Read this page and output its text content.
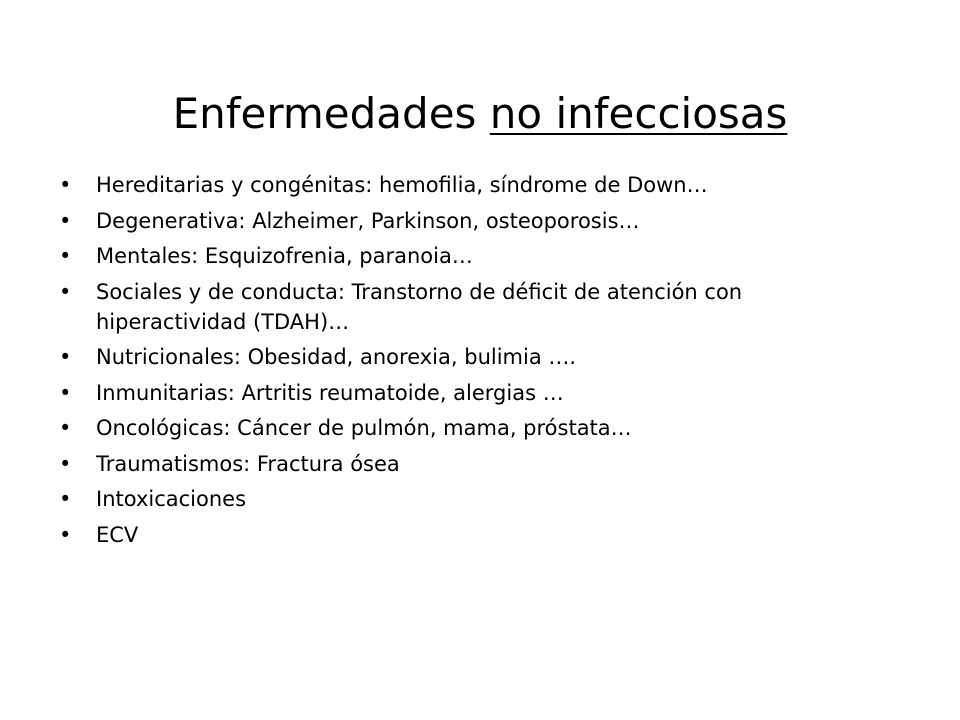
Enfermedades no infecciosas
• Hereditarias y congénitas: hemofilia, síndrome de Down…
• Degenerativa: Alzheimer, Parkinson, osteoporosis…
• Mentales: Esquizofrenia, paranoia…
• Sociales y de conducta: Transtorno de déficit de atención con hiperactividad (TDAH)…
• Nutricionales: Obesidad, anorexia, bulimia ….
• Inmunitarias: Artritis reumatoide, alergias …
• Oncológicas: Cáncer de pulmón, mama, próstata…
• Traumatismos: Fractura ósea
• Intoxicaciones
• ECV
